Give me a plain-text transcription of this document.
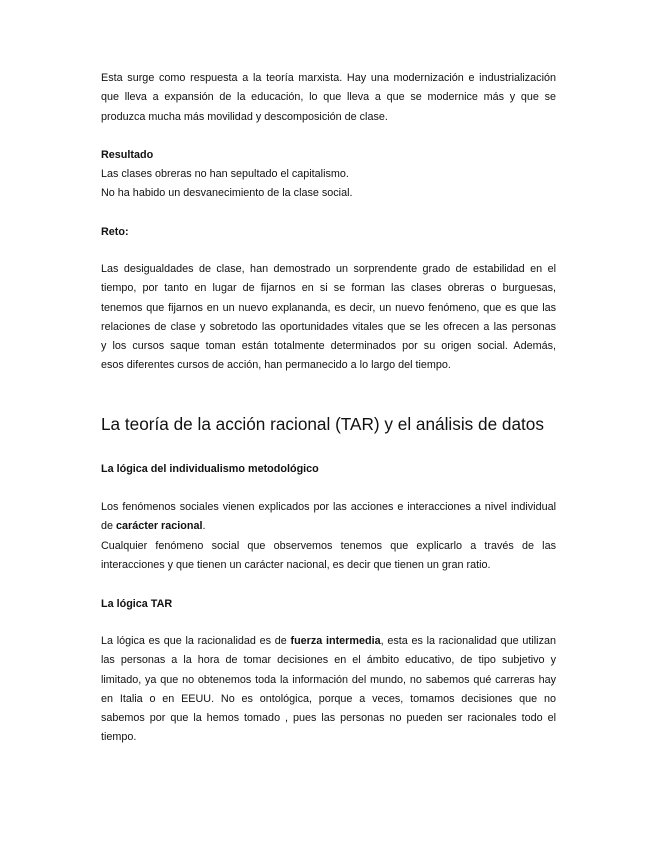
Esta surge como respuesta a la teoría marxista. Hay una modernización e industrialización
que lleva a expansión de la educación, lo que lleva a que se modernice más y que se
produzca mucha más movilidad y descomposición de clase.

Resultado

Las clases obreras no han sepultado el capitalismo.
No ha habido un desvanecimiento de la clase social.

Reto:

Las desigualdades de clase, han demostrado un sorprendente grado de estabilidad en el
tiempo, por tanto en lugar de fijarnos en si se forman las clases obreras o burguesas,
tenemos que fijarnos en un nuevo explananda, es decir, un nuevo fenómeno, que es que las
relaciones de clase y sobretodo las oportunidades vitales que se les ofrecen a las personas
y los cursos saque toman están totalmente determinados por su origen social. Además,
esos diferentes cursos de acción, han permanecido a lo largo del tiempo.

La teoría de la acción racional (TAR) y el análisis de datos

La lógica del individualismo metodológico

Los fenómenos sociales vienen explicados por las acciones e interacciones a nivel individual
de carácter racional.
Cualquier fenómeno social que observemos tenemos que explicarlo a través de las
interacciones y que tienen un carácter nacional, es decir que tienen un gran ratio.

La lógica TAR

La lógica es que la racionalidad es de fuerza intermedia, esta es la racionalidad que utilizan
las personas a la hora de tomar decisiones en el ámbito educativo, de tipo subjetivo y
limitado, ya que no obtenemos toda la información del mundo, no sabemos qué carreras hay
en Italia o en EEUU. No es ontológica, porque a veces, tomamos decisiones que no
sabemos por que la hemos tomado , pues las personas no pueden ser racionales todo el
tiempo.
